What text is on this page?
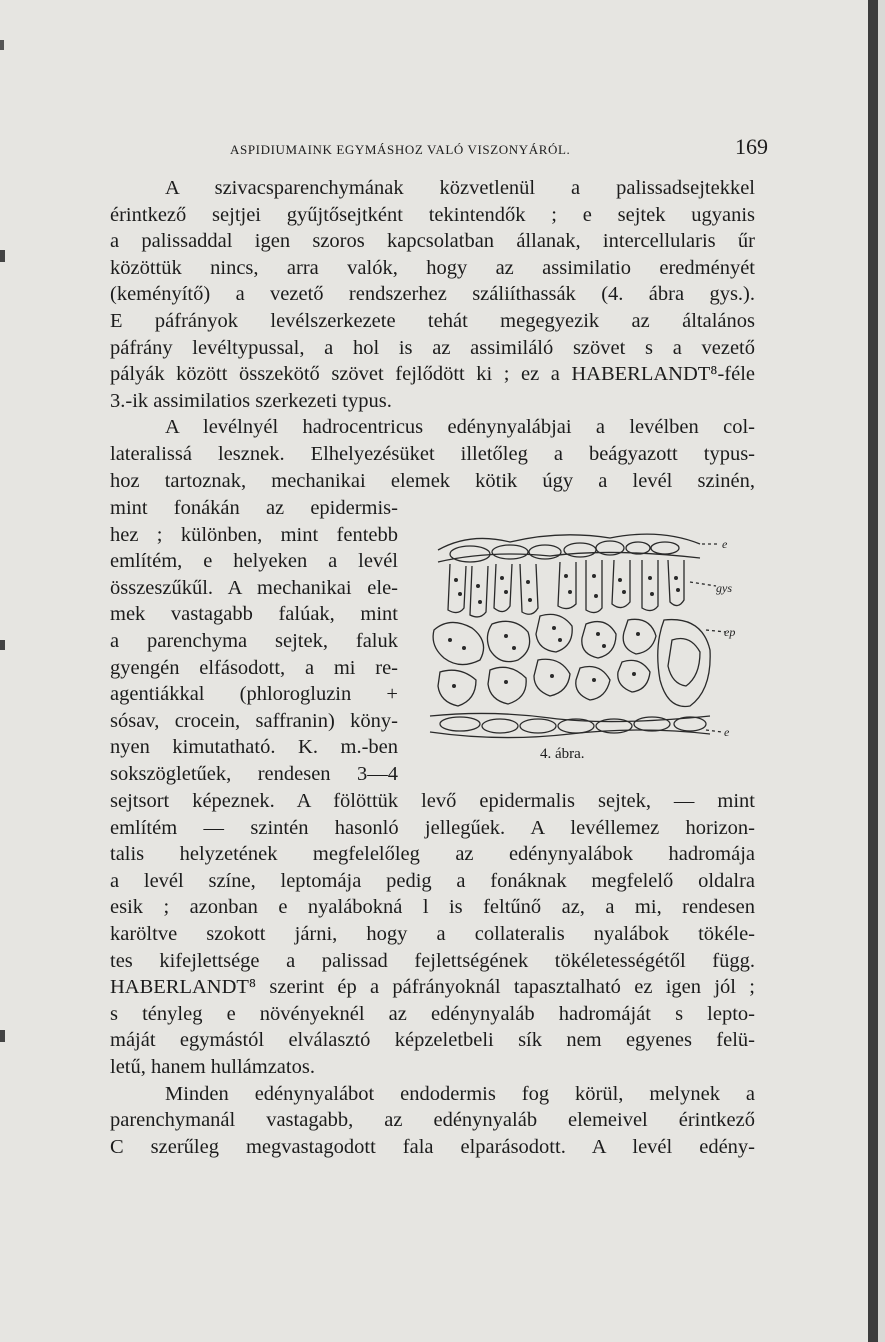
ASPIDIUMAINK EGYMÁSHOZ VALÓ VISZONYÁRÓL.	169
A szivacsparenchymának közvetlenül a palissadsejtekkel
érintkező sejtjei gyűjtősejtként tekintendők ; e sejtek ugyanis
a palissaddal igen szoros kapcsolatban állanak, intercellularis űr
közöttük nincs, arra valók, hogy az assimilatio eredményét
(keményítő) a vezető rendszerhez száliíthassák (4. ábra gys.).
E páfrányok levélszerkezete tehát megegyezik az általános
páfrány levéltypussal, a hol is az assimiláló szövet s a vezető
pályák között összekötő szövet fejlődött ki ; ez a HABERLANDT⁸-féle
3.-ik assimilatios szerkezeti typus.
A levélnyél hadrocentricus edénynyalábjai a levélben col-
lateralissá lesznek. Elhelyezésüket illetőleg a beágyazott typus-
hoz tartoznak, mechanikai elemek kötik úgy a levél szinén,
mint fonákán az epidermis-
hez ; különben, mint fentebb
említém, e helyeken a levél
összeszűkűl. A mechanikai ele-
mek vastagabb falúak, mint
a parenchyma sejtek, faluk
gyengén elfásodott, a mi re-
agentiákkal (phlorogluzin +
sósav, crocein, saffranin) köny-
nyen kimutatható. K. m.-ben
sokszögletűek, rendesen 3—4
e
gys
ep
e
4. ábra.
sejtsort képeznek. A fölöttük levő epidermalis sejtek, — mint
említém — szintén hasonló jellegűek. A levéllemez horizon-
talis helyzetének megfelelőleg az edénynyalábok hadromája
a levél színe, leptomája pedig a fonáknak megfelelő oldalra
esik ; azonban e nyalábokná l is feltűnő az, a mi, rendesen
karöltve szokott járni, hogy a collateralis nyalábok tökéle-
tes kifejlettsége a palissad fejlettségének tökéletességétől függ.
HABERLANDT⁸ szerint ép a páfrányoknál tapasztalható ez igen jól ;
s tényleg e növényeknél az edénynyaláb hadromáját s lepto-
máját egymástól elválasztó képzeletbeli sík nem egyenes felü-
letű, hanem hullámzatos.
Minden edénynyalábot endodermis fog körül, melynek a
parenchymanál vastagabb, az edénynyaláb elemeivel érintkező
C szerűleg megvastagodott fala elparásodott. A levél edény-
